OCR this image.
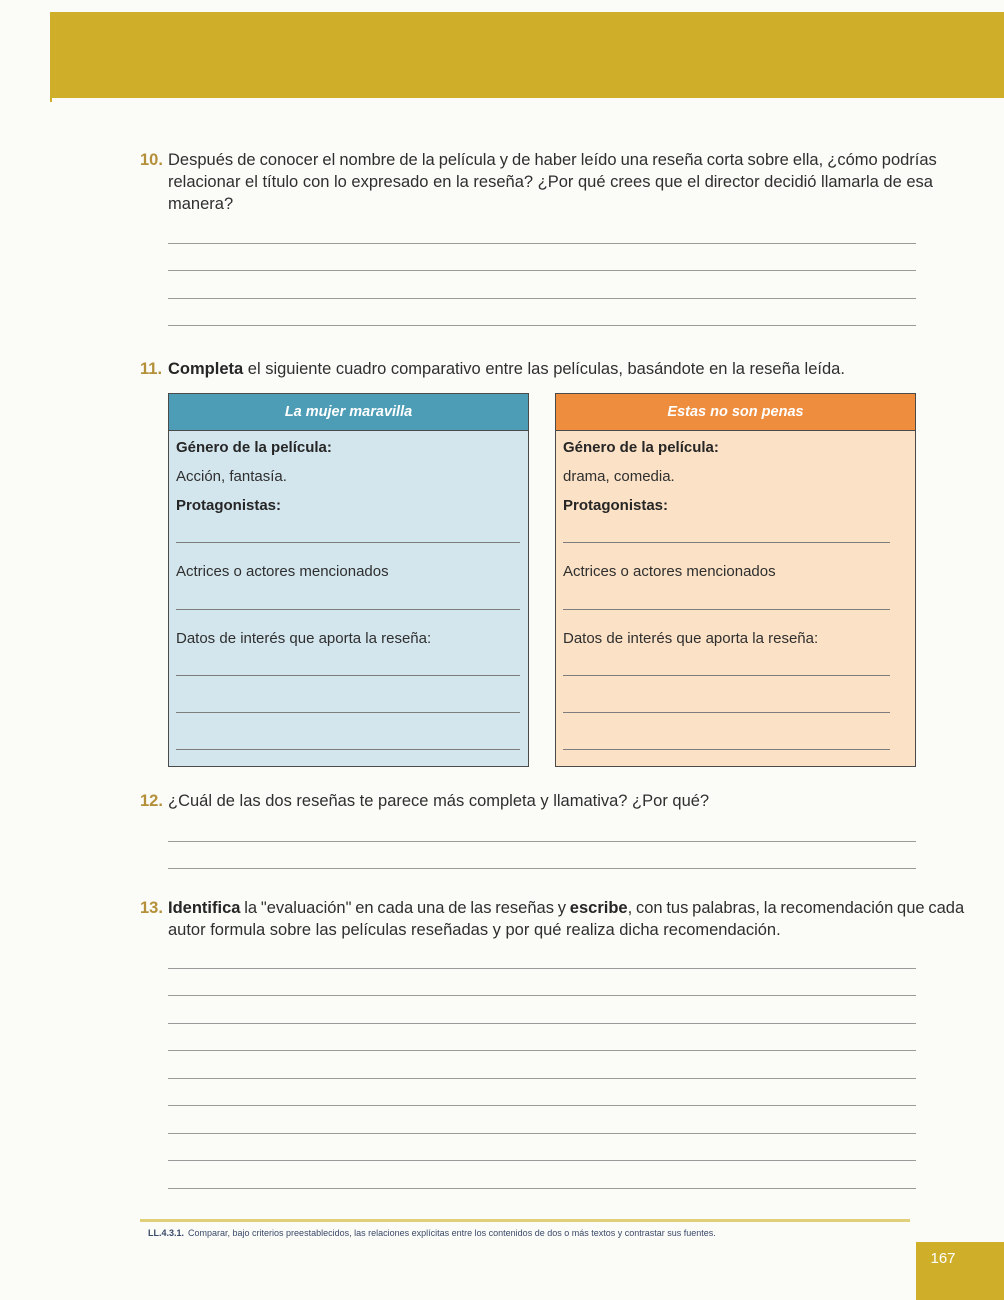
10. Después de conocer el nombre de la película y de haber leído una reseña corta sobre ella, ¿cómo podrías
relacionar el título con lo expresado en la reseña? ¿Por qué crees que el director decidió llamarla de esa
manera?
11. Completa el siguiente cuadro comparativo entre las películas, basándote en la reseña leída.
La mujer maravilla
Género de la película:
Acción, fantasía.
Protagonistas:
Actrices o actores mencionados
Datos de interés que aporta la reseña:
Estas no son penas
Género de la película:
drama, comedia.
Protagonistas:
Actrices o actores mencionados
Datos de interés que aporta la reseña:
12. ¿Cuál de las dos reseñas te parece más completa y llamativa? ¿Por qué?
13. Identifica la "evaluación" en cada una de las reseñas y escribe, con tus palabras, la recomendación que cada
autor formula sobre las películas reseñadas y por qué realiza dicha recomendación.
LL.4.3.1. Comparar, bajo criterios preestablecidos, las relaciones explícitas entre los contenidos de dos o más textos y contrastar sus fuentes.
167
